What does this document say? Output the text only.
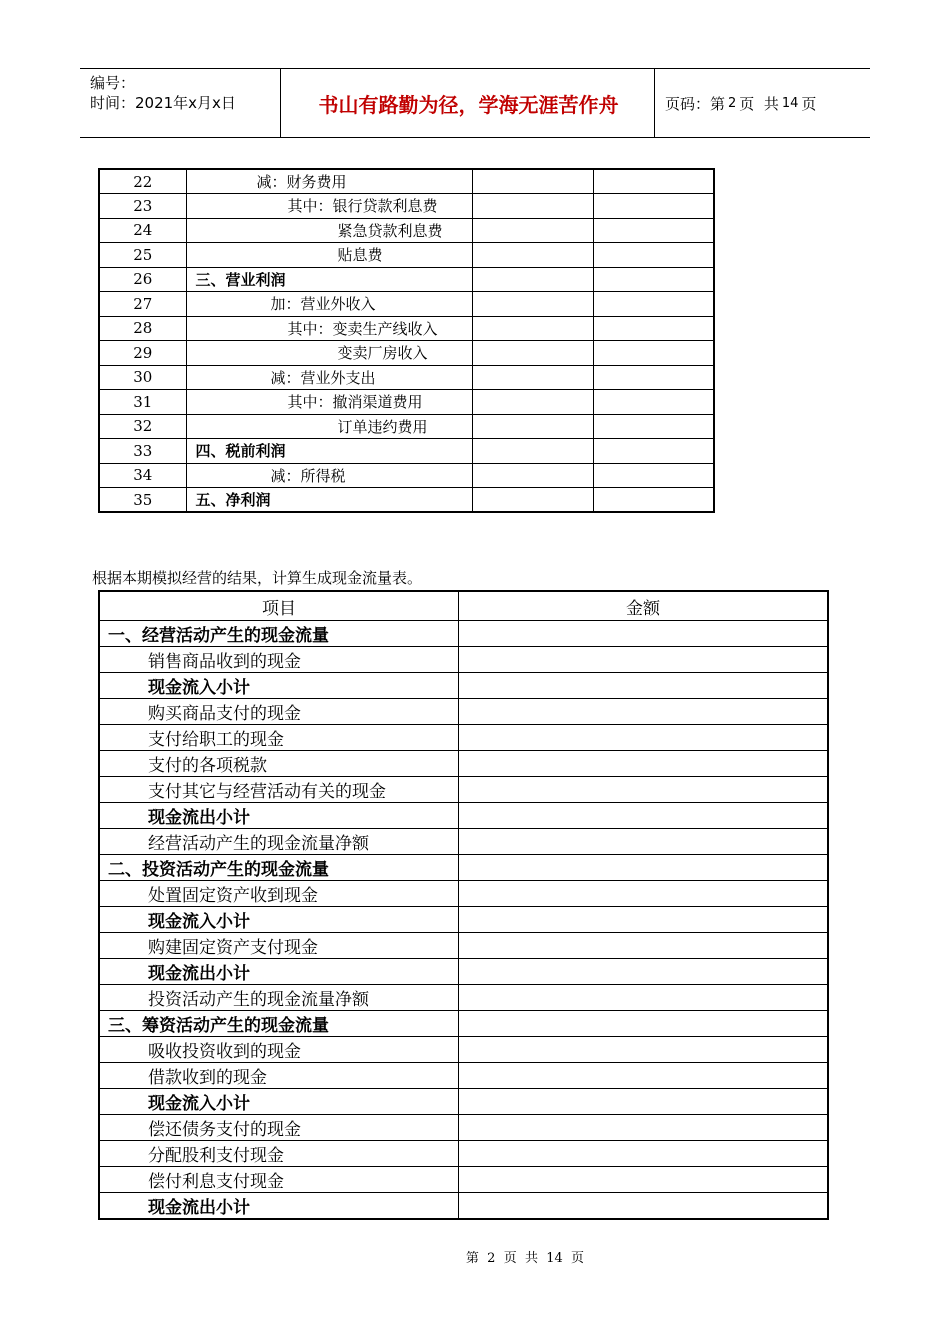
编号：
时间：2021年x月x日	书山有路勤为径，学海无涯苦作舟	页码：第 2 页  共 14 页
22	减：财务费用		
23	其中：银行贷款利息费		
24	紧急贷款利息费		
25	贴息费		
26	三、营业利润		
27	加：营业外收入		
28	其中：变卖生产线收入		
29	变卖厂房收入		
30	减：营业外支出		
31	其中：撤消渠道费用		
32	订单违约费用		
33	四、税前利润		
34	减：所得税		
35	五、净利润		
根据本期模拟经营的结果，计算生成现金流量表。
项目	金额
一、经营活动产生的现金流量	
销售商品收到的现金	
现金流入小计	
购买商品支付的现金	
支付给职工的现金	
支付的各项税款	
支付其它与经营活动有关的现金	
现金流出小计	
经营活动产生的现金流量净额	
二、投资活动产生的现金流量	
处置固定资产收到现金	
现金流入小计	
购建固定资产支付现金	
现金流出小计	
投资活动产生的现金流量净额	
三、筹资活动产生的现金流量	
吸收投资收到的现金	
借款收到的现金	
现金流入小计	
偿还债务支付的现金	
分配股利支付现金	
偿付利息支付现金	
现金流出小计	
第  2  页  共  14  页
